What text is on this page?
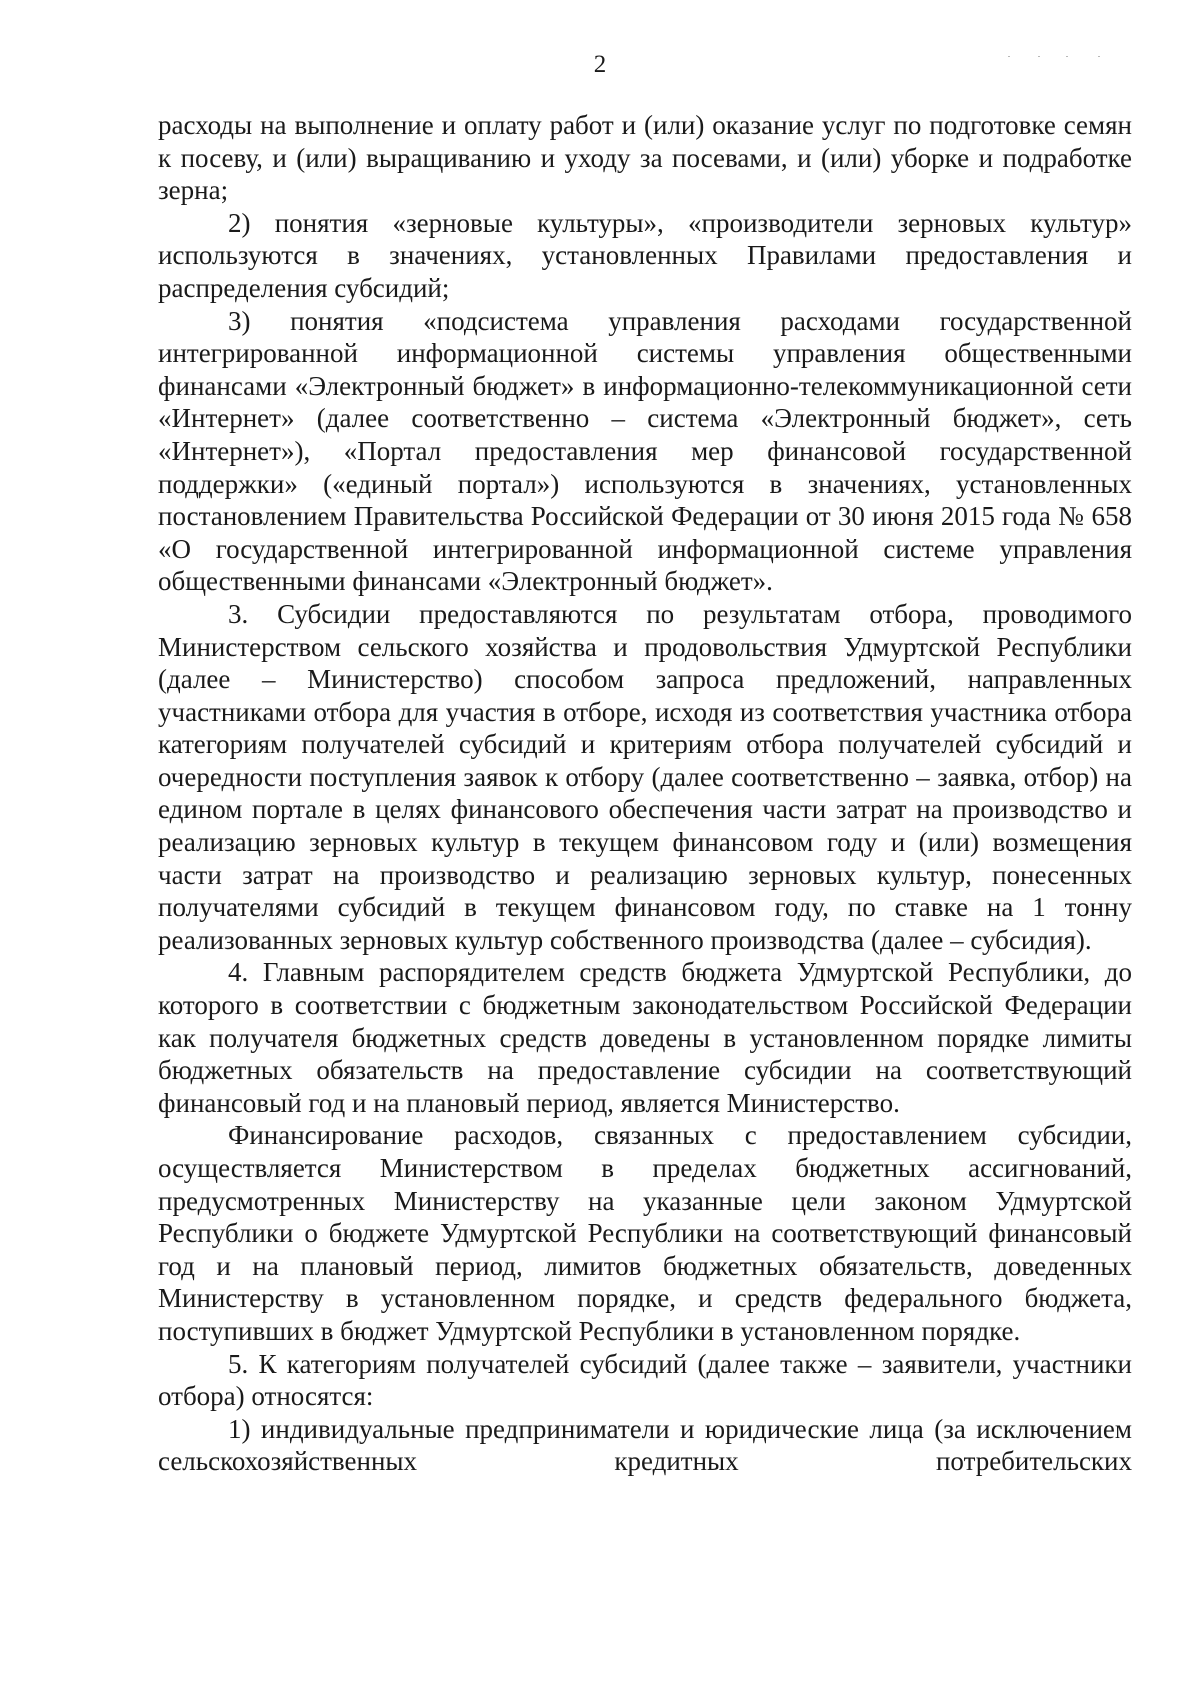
2

расходы на выполнение и оплату работ и (или) оказание услуг по подготовке семян к посеву, и (или) выращиванию и уходу за посевами, и (или) уборке и подработке зерна;

2) понятия «зерновые культуры», «производители зерновых культур» используются в значениях, установленных Правилами предоставления и распределения субсидий;

3) понятия «подсистема управления расходами государственной интегрированной информационной системы управления общественными финансами «Электронный бюджет» в информационно-телекоммуникационной сети «Интернет» (далее соответственно – система «Электронный бюджет», сеть «Интернет»), «Портал предоставления мер финансовой государственной поддержки» («единый портал») используются в значениях, установленных постановлением Правительства Российской Федерации от 30 июня 2015 года № 658 «О государственной интегрированной информационной системе управления общественными финансами «Электронный бюджет».

3. Субсидии предоставляются по результатам отбора, проводимого Министерством сельского хозяйства и продовольствия Удмуртской Республики (далее – Министерство) способом запроса предложений, направленных участниками отбора для участия в отборе, исходя из соответствия участника отбора категориям получателей субсидий и критериям отбора получателей субсидий и очередности поступления заявок к отбору (далее соответственно – заявка, отбор) на едином портале в целях финансового обеспечения части затрат на производство и реализацию зерновых культур в текущем финансовом году и (или) возмещения части затрат на производство и реализацию зерновых культур, понесенных получателями субсидий в текущем финансовом году, по ставке на 1 тонну реализованных зерновых культур собственного производства (далее – субсидия).

4. Главным распорядителем средств бюджета Удмуртской Республики, до которого в соответствии с бюджетным законодательством Российской Федерации как получателя бюджетных средств доведены в установленном порядке лимиты бюджетных обязательств на предоставление субсидии на соответствующий финансовый год и на плановый период, является Министерство.

Финансирование расходов, связанных с предоставлением субсидии, осуществляется Министерством в пределах бюджетных ассигнований, предусмотренных Министерству на указанные цели законом Удмуртской Республики о бюджете Удмуртской Республики на соответствующий финансовый год и на плановый период, лимитов бюджетных обязательств, доведенных Министерству в установленном порядке, и средств федерального бюджета, поступивших в бюджет Удмуртской Республики в установленном порядке.

5. К категориям получателей субсидий (далее также – заявители, участники отбора) относятся:

1) индивидуальные предприниматели и юридические лица (за исключением сельскохозяйственных кредитных потребительских
